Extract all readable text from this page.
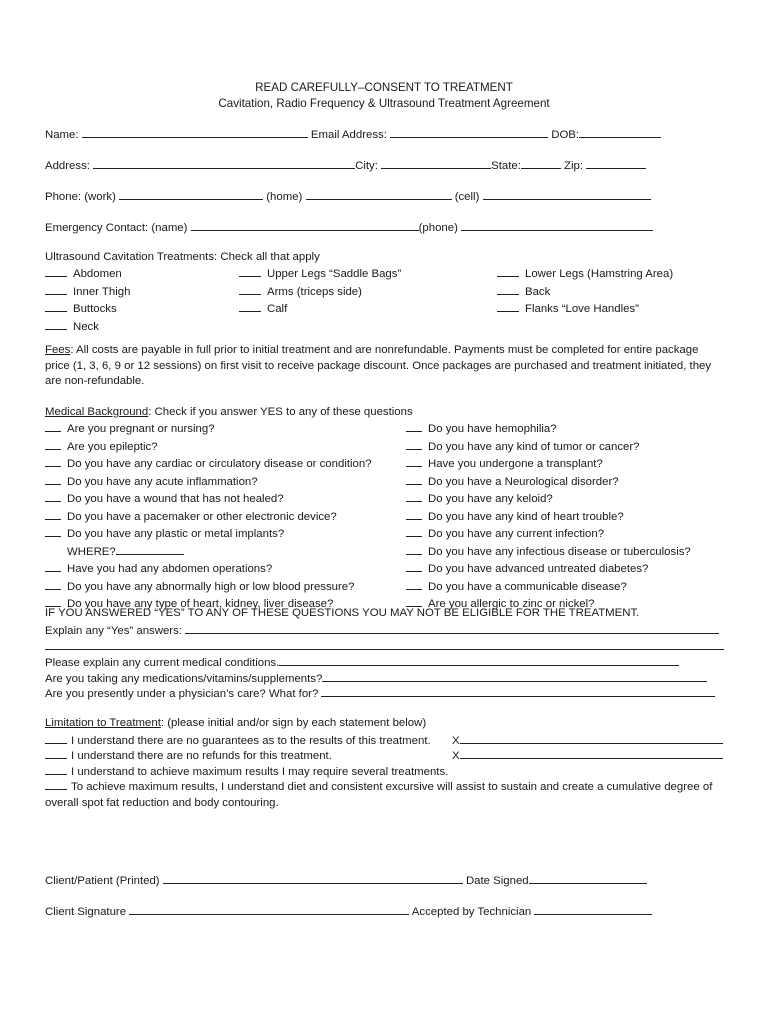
READ CAREFULLY–CONSENT TO TREATMENT
Cavitation, Radio Frequency & Ultrasound Treatment Agreement
Name:	Email Address:	DOB:
Address:	City:	State:	Zip:
Phone: (work)	(home)	(cell)
Emergency Contact: (name)	(phone)
Ultrasound Cavitation Treatments: Check all that apply
Abdomen
Inner Thigh
Buttocks
Neck
Upper Legs “Saddle Bags”
Arms (triceps side)
Calf
Lower Legs (Hamstring Area)
Back
Flanks “Love Handles”
Fees: All costs are payable in full prior to initial treatment and are nonrefundable. Payments must be completed for entire package price (1, 3, 6, 9 or 12 sessions) on first visit to receive package discount. Once packages are purchased and treatment initiated, they are non-refundable.
Medical Background: Check if you answer YES to any of these questions
Are you pregnant or nursing?
Are you epileptic?
Do you have any cardiac or circulatory disease or condition?
Do you have any acute inflammation?
Do you have a wound that has not healed?
Do you have a pacemaker or other electronic device?
Do you have any plastic or metal implants?
WHERE?
Have you had any abdomen operations?
Do you have any abnormally high or low blood pressure?
Do you have any type of heart, kidney, liver disease?
Do you have hemophilia?
Do you have any kind of tumor or cancer?
Have you undergone a transplant?
Do you have a Neurological disorder?
Do you have any keloid?
Do you have any kind of heart trouble?
Do you have any current infection?
Do you have any infectious disease or tuberculosis?
Do you have advanced untreated diabetes?
Do you have a communicable disease?
Are you allergic to zinc or nickel?
IF YOU ANSWERED “YES” TO ANY OF THESE QUESTIONS YOU MAY NOT BE ELIGIBLE FOR THE TREATMENT.
Explain any “Yes” answers:
Please explain any current medical conditions.
Are you taking any medications/vitamins/supplements?
Are you presently under a physician’s care? What for?
Limitation to Treatment: (please initial and/or sign by each statement below)
I understand there are no guarantees as to the results of this treatment. X
I understand there are no refunds for this treatment.	X
I understand to achieve maximum results I may require several treatments.
To achieve maximum results, I understand diet and consistent excursive will assist to sustain and create a cumulative degree of overall spot fat reduction and body contouring.
Client/Patient (Printed)	Date Signed
Client Signature	Accepted by Technician
